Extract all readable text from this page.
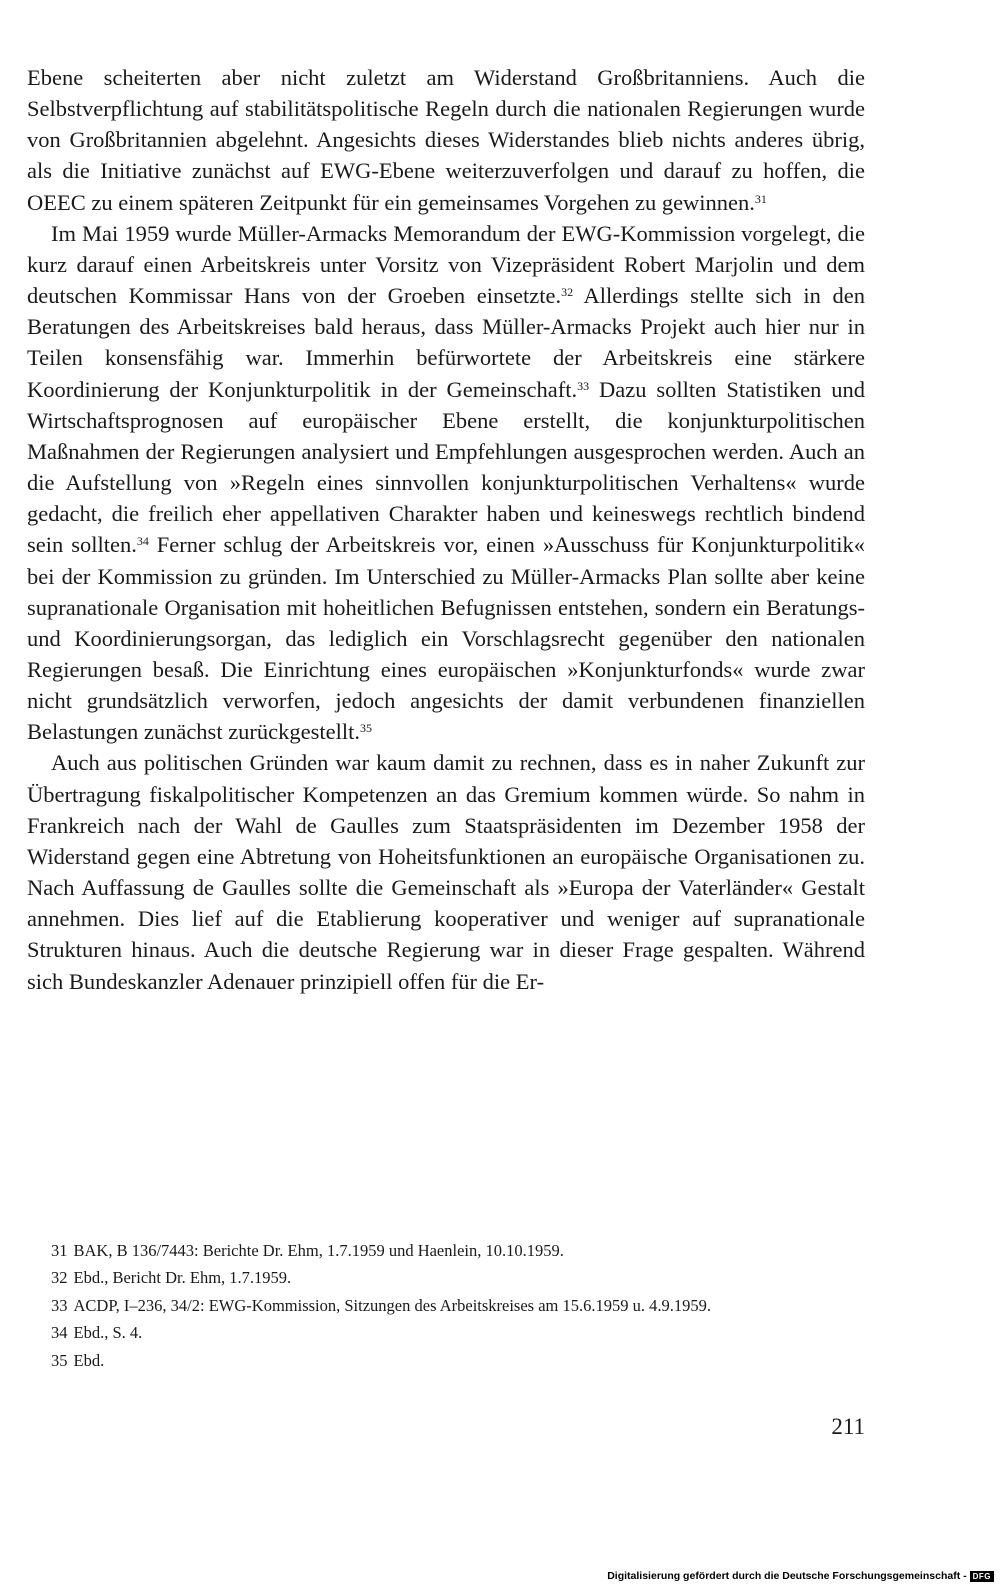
Ebene scheiterten aber nicht zuletzt am Widerstand Großbritanniens. Auch die Selbstverpflichtung auf stabilitätspolitische Regeln durch die nationalen Regierungen wurde von Großbritannien abgelehnt. Angesichts dieses Widerstandes blieb nichts anderes übrig, als die Initiative zunächst auf EWG-Ebene weiterzuverfolgen und darauf zu hoffen, die OEEC zu einem späteren Zeitpunkt für ein gemeinsames Vorgehen zu gewinnen.$^{31}$

Im Mai 1959 wurde Müller-Armacks Memorandum der EWG-Kommission vorgelegt, die kurz darauf einen Arbeitskreis unter Vorsitz von Vizepräsident Robert Marjolin und dem deutschen Kommissar Hans von der Groeben einsetzte.$^{32}$ Allerdings stellte sich in den Beratungen des Arbeitskreises bald heraus, dass Müller-Armacks Projekt auch hier nur in Teilen konsensfähig war. Immerhin befürwortete der Arbeitskreis eine stärkere Koordinierung der Konjunkturpolitik in der Gemeinschaft.$^{33}$ Dazu sollten Statistiken und Wirtschaftsprognosen auf europäischer Ebene erstellt, die konjunkturpolitischen Maßnahmen der Regierungen analysiert und Empfehlungen ausgesprochen werden. Auch an die Aufstellung von »Regeln eines sinnvollen konjunkturpolitischen Verhaltens« wurde gedacht, die freilich eher appellativen Charakter haben und keineswegs rechtlich bindend sein sollten.$^{34}$ Ferner schlug der Arbeitskreis vor, einen »Ausschuss für Konjunkturpolitik« bei der Kommission zu gründen. Im Unterschied zu Müller-Armacks Plan sollte aber keine supranationale Organisation mit hoheitlichen Befugnissen entstehen, sondern ein Beratungs- und Koordinierungsorgan, das lediglich ein Vorschlagsrecht gegenüber den nationalen Regierungen besaß. Die Einrichtung eines europäischen »Konjunkturfonds« wurde zwar nicht grundsätzlich verworfen, jedoch angesichts der damit verbundenen finanziellen Belastungen zunächst zurückgestellt.$^{35}$

Auch aus politischen Gründen war kaum damit zu rechnen, dass es in naher Zukunft zur Übertragung fiskalpolitischer Kompetenzen an das Gremium kommen würde. So nahm in Frankreich nach der Wahl de Gaulles zum Staatspräsidenten im Dezember 1958 der Widerstand gegen eine Abtretung von Hoheitsfunktionen an europäische Organisationen zu. Nach Auffassung de Gaulles sollte die Gemeinschaft als »Europa der Vaterländer« Gestalt annehmen. Dies lief auf die Etablierung kooperativer und weniger auf supranationale Strukturen hinaus. Auch die deutsche Regierung war in dieser Frage gespalten. Während sich Bundeskanzler Adenauer prinzipiell offen für die Er-

31 BAK, B 136/7443: Berichte Dr. Ehm, 1.7.1959 und Haenlein, 10.10.1959.

32 Ebd., Bericht Dr. Ehm, 1.7.1959.

33 ACDP, I–236, 34/2: EWG-Kommission, Sitzungen des Arbeitskreises am 15.6.1959 u. 4.9.1959.

34 Ebd., S. 4.

35 Ebd.

211
Digitalisierung gefördert durch die Deutsche Forschungsgemeinschaft - DFG
